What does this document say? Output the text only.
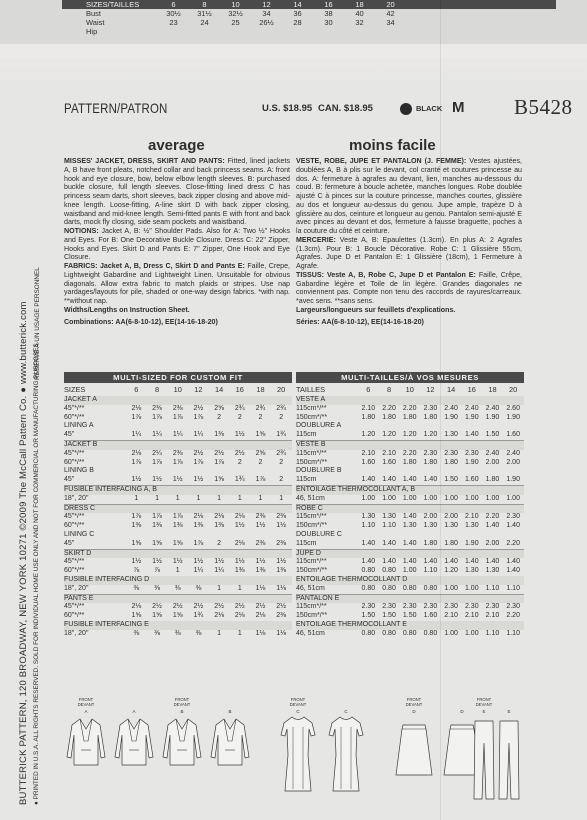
SIZES/TAILLES	6	8	10	12	14	16	18	20
Bust	30½	31½	32½	34	36	38	40	42
Waist	23	24	25	26½	28	30	32	34
Hip
BUTTERICK PATTERN, 120 BROADWAY, NEW YORK 10271 ©2009 The McCall Pattern Co. ● www.butterick.com ● PRINTED IN U.S.A. ALL RIGHTS RESERVED. SOLD FOR INDIVIDUAL HOME USE ONLY AND NOT FOR COMMERCIAL OR MANUFACTURING PURPOSES.
RESERVÉ À UN USAGE PERSONNEL
PATTERN/PATRON	U.S. $18.95 CAN. $18.95	BLACK M B5428
average	moins facile

MISSES' JACKET, DRESS, SKIRT AND PANTS: Fitted, lined jackets A, B have front pleats, notched collar and back princess seams. A: front hook and eye closure, bow, below elbow length sleeves. B: purchased buckle closure, full length sleeves. Close-fitting lined dress C has princess seam darts, short sleeves, back zipper closing and above mid-knee length. Loose-fitting, A-line skirt D with back zipper closing, waistband and mid-knee length. Semi-fitted pants E with front and back darts, mock fly closing, side seam pockets and waistband.

NOTIONS: Jacket A, B: ½" Shoulder Pads. Also for A: Two ½" Hooks and Eyes. For B: One Decorative Buckle Closure. Dress C: 22" Zipper, Hooks and Eyes. Skirt D and Pants E: 7" Zipper, One Hook and Eye Closure.

FABRICS: Jacket A, B, Dress C, Skirt D and Pants E: Faille, Crepe, Lightweight Gabardine and Lightweight Linen. Unsuitable for obvious diagonals. Allow extra fabric to match plaids or stripes. Use nap yardages/layouts for pile, shaded or one-way design fabrics. *with nap. **without nap.

Widths/Lengths on Instruction Sheet.

Combinations: AA(6-8-10-12), EE(14-16-18-20)

VESTE, ROBE, JUPE ET PANTALON (J. FEMME): Vestes ajustées, doublées A, B à plis sur le devant, col cranté et coutures princesse au dos. A: fermeture à agrafes au devant, lien, manches au-dessous du coud. B: fermeture à boucle achetée, manches longues. Robe doublée ajusté C à pinces sur la couture princesse, manches courtes, glissière au dos et longueur au-dessus du genou. Jupe ample, trapèze D à glissière au dos, ceinture et longueur au genou. Pantalon semi-ajusté E avec pinces au devant et dos, fermeture à fausse braguette, poches à la couture du côté et ceinture.

MERCERIE: Veste A, B: Epaulettes (1.3cm). En plus A: 2 Agrafes (1.3cm). Pour B: 1 Boucle Décorative. Robe C: 1 Glissière 55cm, Agrafes. Jupe D et Pantalon E: 1 Glissière (18cm), 1 Fermeture à Agrafe.

TISSUS: Veste A, B, Robe C, Jupe D et Pantalon E: Faille, Crêpe, Gabardine légère et Toile de lin légère. Grandes diagonales ne conviennent pas. Compte non tenu des raccords de rayures/carreaux. *avec sens. **sans sens.

Largeurs/longueurs sur feuillets d'explications.

Séries: AA(6-8-10-12), EE(14-16-18-20)

MULTI-SIZED FOR CUSTOM FIT
SIZES	6	8	10	12	14	16	18	20
JACKET A
45"*/**	2⅛	2⅜	2⅜	2½	2⅝	2¾	2¾	2¾
60"*/**	1⅞	1⅞	1⅞	1⅞	2	2	2	2
LINING A
45"	1¼	1¼	1¼	1¼	1⅜	1½	1⅝	1¾
JACKET B
45"*/**	2⅛	2¼	2⅜	2½	2½	2½	2⅝	2¾
60"*/**	1⅞	1⅞	1⅞	1⅞	1⅞	2	2	2
LINING B
45"	1½	1½	1½	1½	1⅝	1¾	1⅞	2
FUSIBLE INTERFACING A, B
18", 20"	1	1	1	1	1	1	1	1
DRESS C
45"*/**	1⅞	1⅞	1⅞	2⅛	2⅛	2⅛	2⅜	2⅜
60"*/**	1⅜	1⅜	1⅜	1⅜	1⅜	1½	1½	1½
LINING C
45"	1⅝	1⅝	1⅝	1⅞	2	2⅛	2⅜	2⅜
SKIRT D
45"*/**	1½	1½	1½	1½	1½	1½	1½	1½
60"*/**	⅞	⅞	1	1¼	1¼	1⅜	1⅜	1⅜
FUSIBLE INTERFACING D
18", 20"	⅜	⅜	⅜	⅜	1	1	1⅛	1⅛
PANTS E
45"*/**	2⅛	2½	2½	2½	2½	2½	2½	2½
60"*/**	1⅝	1⅝	1⅝	1¾	2⅛	2⅛	2⅛	2⅜
FUSIBLE INTERFACING E
18", 20"	⅜	⅜	⅜	⅜	1	1	1⅛	1⅛
MULTI-TAILLES/À VOS MESURES
TAILLES	6	8	10	12	14	16	18	20
VESTE A
115cm*/**	2.10	2.20	2.20	2.30	2.40	2.40	2.40	2.60
150cm*/**	1.80	1.80	1.80	1.80	1.90	1.90	1.90	1.90
DOUBLURE A
115cm	1.20	1.20	1.20	1.20	1.30	1.40	1.50	1.60
VESTE B
115cm*/**	2.10	2.10	2.20	2.30	2.30	2.30	2.40	2.40
150cm*/**	1.60	1.60	1.80	1.80	1.80	1.90	2.00	2.00
DOUBLURE B
115cm	1.40	1.40	1.40	1.40	1.50	1.60	1.80	1.90
ENTOILAGE THERMOCOLLANT A, B
46, 51cm	1.00	1.00	1.00	1.00	1.00	1.00	1.00	1.00
ROBE C
115cm*/**	1.30	1.30	1.40	2.00	2.00	2.10	2.20	2.30
150cm*/**	1.10	1.10	1.30	1.30	1.30	1.30	1.40	1.40
DOUBLURE C
115cm	1.40	1.40	1.40	1.80	1.80	1.90	2.00	2.20
JUPE D
115cm*/**	1.40	1.40	1.40	1.40	1.40	1.40	1.40	1.40
150cm*/**	0.80	0.80	1.00	1.10	1.20	1.30	1.30	1.40
ENTOILAGE THERMOCOLLANT D
46, 51cm	0.80	0.80	0.80	0.80	1.00	1.00	1.10	1.10
PANTALON E
115cm*/**	2.30	2.30	2.30	2.30	2.30	2.30	2.30	2.30
150cm*/**	1.50	1.50	1.50	1.60	2.10	2.10	2.10	2.20
ENTOILAGE THERMOCOLLANT E
46, 51cm	0.80	0.80	0.80	0.80	1.00	1.00	1.10	1.10
FRONT
DEVANT
A	A
FRONT
DEVANT
B	B
FRONT
DEVANT
C	C
FRONT
DEVANT
D	D
FRONT
DEVANT
E	E
